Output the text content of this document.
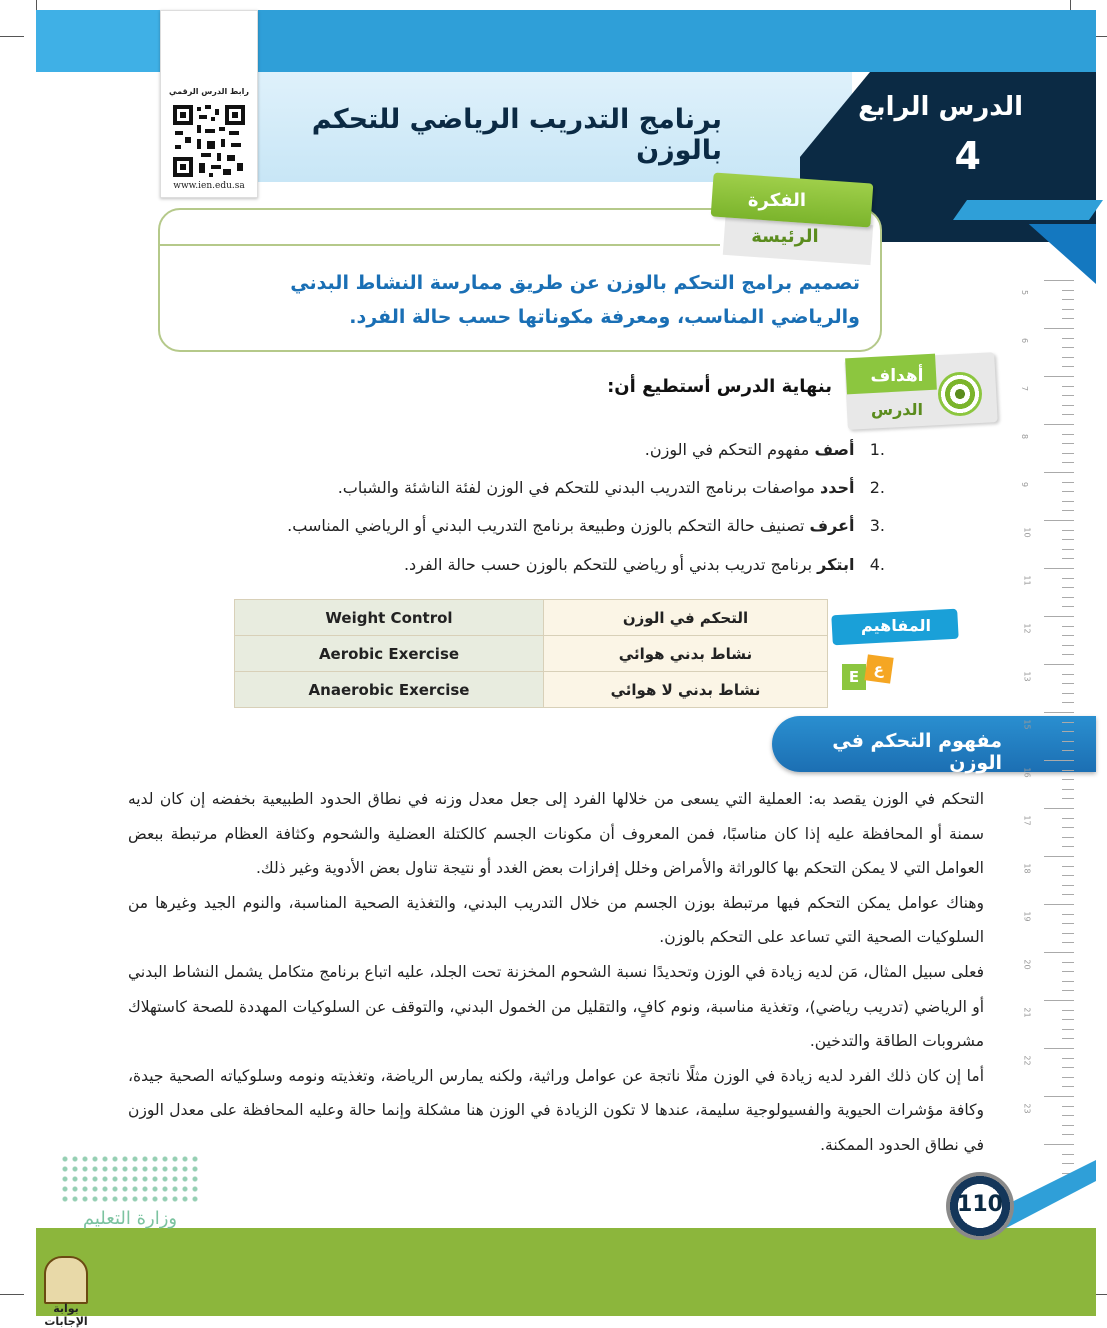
برنامج التدريب الرياضي للتحكم بالوزن
الدرس الرابع
4
رابط الدرس الرقمي
www.ien.edu.sa
الفكرة
الرئيسة
تصميم برامج التحكم بالوزن عن طريق ممارسة النشاط البدني والرياضي المناسب، ومعرفة مكوناتها حسب حالة الفرد.
أهداف
الدرس
بنهاية الدرس أستطيع أن:
.1   أصف مفهوم التحكم في الوزن.
.2   أحدد مواصفات برنامج التدريب البدني للتحكم في الوزن لفئة الناشئة والشباب.
.3   أعرف تصنيف حالة التحكم بالوزن وطبيعة برنامج التدريب البدني أو الرياضي المناسب.
.4   ابتكر برنامج تدريب بدني أو رياضي للتحكم بالوزن حسب حالة الفرد.
Weight Control	التحكم في الوزن
Aerobic Exercise	نشاط بدني هوائي
Anaerobic Exercise	نشاط بدني لا هوائي
المفاهيم
E ع
مفهوم التحكم في الوزن

التحكم في الوزن يقصد به: العملية التي يسعى من خلالها الفرد إلى جعل معدل وزنه في نطاق الحدود الطبيعية بخفضه إن كان لديه سمنة أو المحافظة عليه إذا كان مناسبًا، فمن المعروف أن مكونات الجسم كالكتلة العضلية والشحوم وكثافة العظام مرتبطة ببعض العوامل التي لا يمكن التحكم بها كالوراثة والأمراض وخلل إفرازات بعض الغدد أو نتيجة تناول بعض الأدوية وغير ذلك.

وهناك عوامل يمكن التحكم فيها مرتبطة بوزن الجسم من خلال التدريب البدني، والتغذية الصحية المناسبة، والنوم الجيد وغيرها من السلوكيات الصحية التي تساعد على التحكم بالوزن.

فعلى سبيل المثال، مَن لديه زيادة في الوزن وتحديدًا نسبة الشحوم المخزنة تحت الجلد، عليه اتباع برنامج متكامل يشمل النشاط البدني أو الرياضي (تدريب رياضي)، وتغذية مناسبة، ونوم كافٍ، والتقليل من الخمول البدني، والتوقف عن السلوكيات المهددة للصحة كاستهلاك مشروبات الطاقة والتدخين.

أما إن كان ذلك الفرد لديه زيادة في الوزن مثلًا ناتجة عن عوامل وراثية، ولكنه يمارس الرياضة، وتغذيته ونومه وسلوكياته الصحية جيدة، وكافة مؤشرات الحيوية والفسيولوجية سليمة، عندها لا تكون الزيادة في الوزن هنا مشكلة وإنما حالة وعليه المحافظة على معدل الوزن في نطاق الحدود الممكنة.

5
6
7
8
9
10
11
12
13
15
16
17
18
19
20
21
22
23
110
وزارة التعليم
بوابة الإجابات
